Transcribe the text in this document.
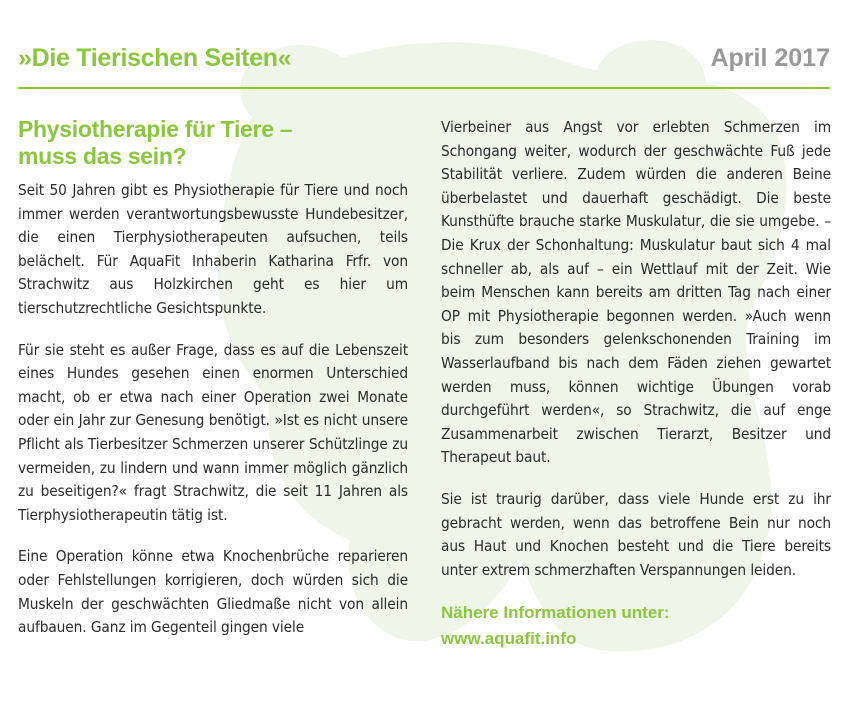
»Die Tierischen Seiten«	April 2017
Physiotherapie für Tiere –
muss das sein?

Seit 50 Jahren gibt es Physiotherapie für Tiere und noch immer werden verantwortungsbewusste Hundebesitzer, die einen Tierphysiotherapeuten aufsuchen, teils belächelt. Für AquaFit Inhaberin Katharina Frfr. von Strachwitz aus Holzkirchen geht es hier um tierschutzrechtliche Gesichtspunkte.

Für sie steht es außer Frage, dass es auf die Lebenszeit eines Hundes gesehen einen enormen Unterschied macht, ob er etwa nach einer Operation zwei Monate oder ein Jahr zur Genesung benötigt. »Ist es nicht unsere Pflicht als Tierbesitzer Schmerzen unserer Schützlinge zu vermeiden, zu lindern und wann immer möglich gänzlich zu beseitigen?« fragt Strachwitz, die seit 11 Jahren als Tierphysiotherapeutin tätig ist.

Eine Operation könne etwa Knochenbrüche reparieren oder Fehlstellungen korrigieren, doch würden sich die Muskeln der geschwächten Gliedmaße nicht von allein aufbauen. Ganz im Gegenteil gingen viele

Vierbeiner aus Angst vor erlebten Schmerzen im Schongang weiter, wodurch der geschwächte Fuß jede Stabilität verliere. Zudem würden die anderen Beine überbelastet und dauerhaft geschädigt. Die beste Kunsthüfte brauche starke Muskulatur, die sie umgebe. – Die Krux der Schonhaltung: Muskulatur baut sich 4 mal schneller ab, als auf – ein Wettlauf mit der Zeit. Wie beim Menschen kann bereits am dritten Tag nach einer OP mit Physiotherapie begonnen werden. »Auch wenn bis zum besonders gelenkschonenden Training im Wasserlaufband bis nach dem Fäden ziehen gewartet werden muss, können wichtige Übungen vorab durchgeführt werden«, so Strachwitz, die auf enge Zusammenarbeit zwischen Tierarzt, Besitzer und Therapeut baut.

Sie ist traurig darüber, dass viele Hunde erst zu ihr gebracht werden, wenn das betroffene Bein nur noch aus Haut und Knochen besteht und die Tiere bereits unter extrem schmerzhaften Verspannungen leiden.

Nähere Informationen unter:
www.aquafit.info
